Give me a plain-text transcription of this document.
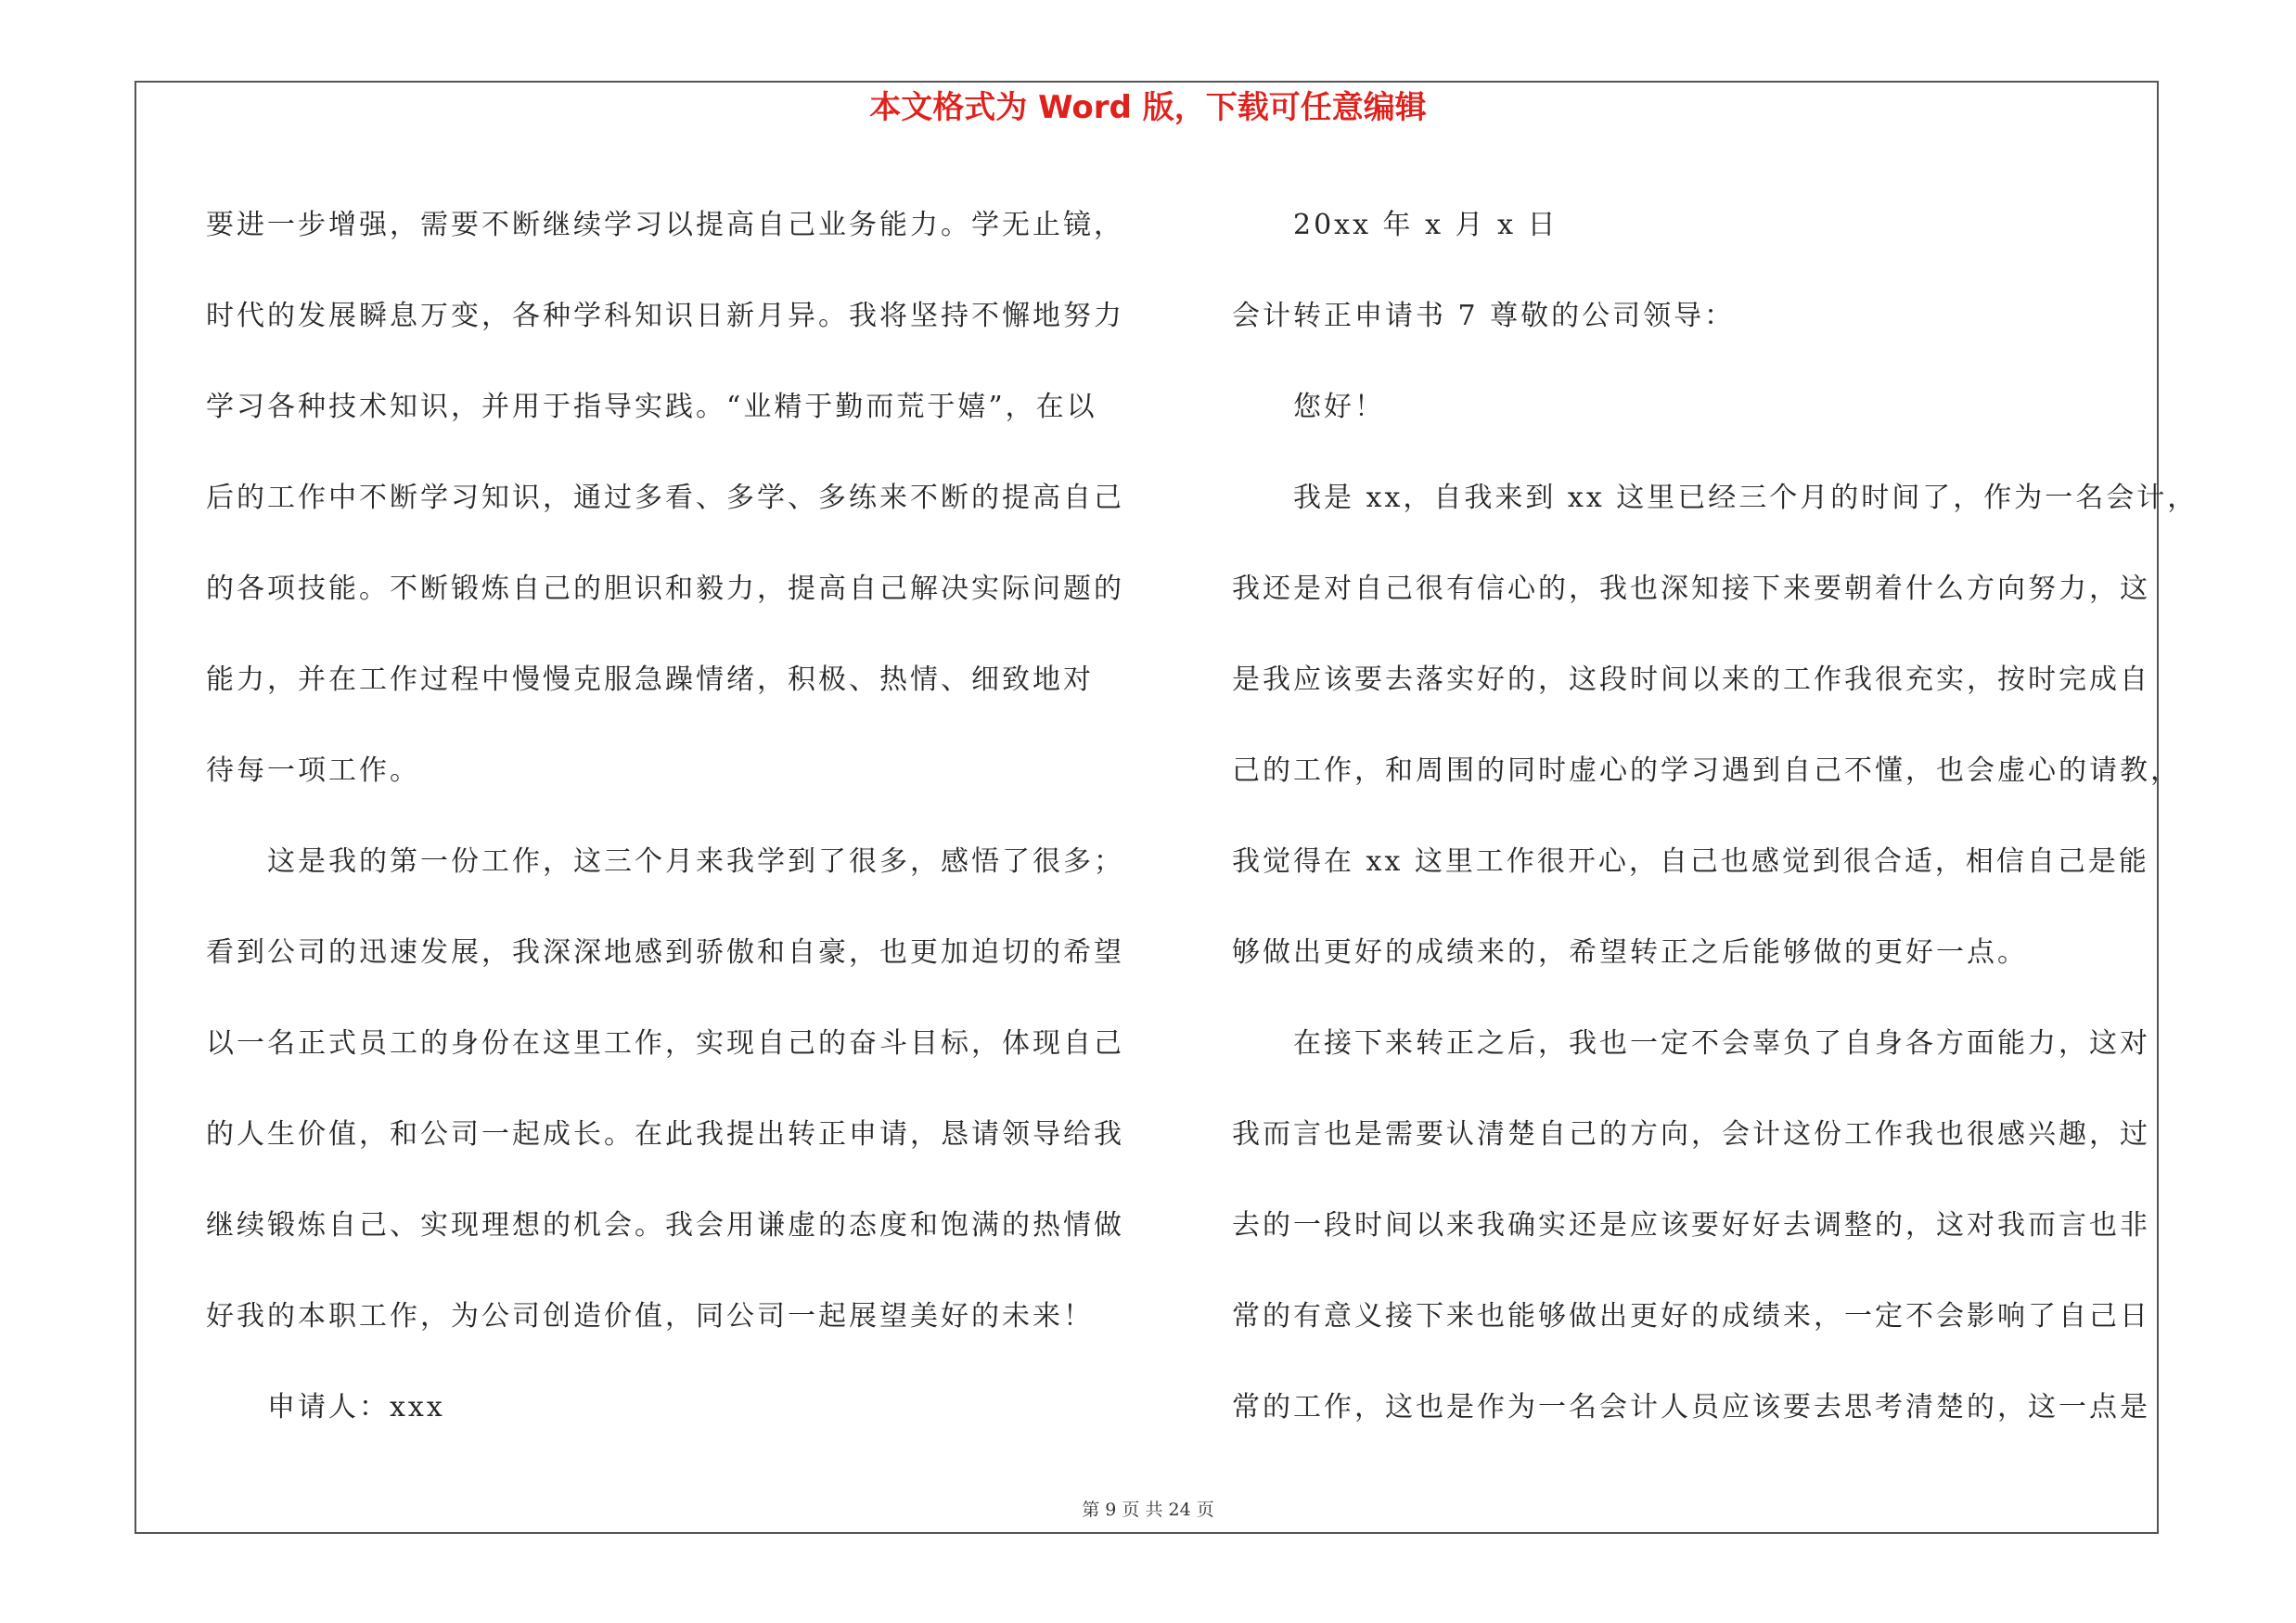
本文格式为 Word 版，下载可任意编辑
要进一步增强，需要不断继续学习以提高自己业务能力。学无止镜，
时代的发展瞬息万变，各种学科知识日新月异。我将坚持不懈地努力
学习各种技术知识，并用于指导实践。“业精于勤而荒于嬉”，在以
后的工作中不断学习知识，通过多看、多学、多练来不断的提高自己
的各项技能。不断锻炼自己的胆识和毅力，提高自己解决实际问题的
能力，并在工作过程中慢慢克服急躁情绪，积极、热情、细致地对
待每一项工作。
这是我的第一份工作，这三个月来我学到了很多，感悟了很多；
看到公司的迅速发展，我深深地感到骄傲和自豪，也更加迫切的希望
以一名正式员工的身份在这里工作，实现自己的奋斗目标，体现自己
的人生价值，和公司一起成长。在此我提出转正申请，恳请领导给我
继续锻炼自己、实现理想的机会。我会用谦虚的态度和饱满的热情做
好我的本职工作，为公司创造价值，同公司一起展望美好的未来！
申请人：xxx
20xx 年 x 月 x 日
会计转正申请书 7 尊敬的公司领导：
您好！
我是 xx，自我来到 xx 这里已经三个月的时间了，作为一名会计，
我还是对自己很有信心的，我也深知接下来要朝着什么方向努力，这
是我应该要去落实好的，这段时间以来的工作我很充实，按时完成自
己的工作，和周围的同时虚心的学习遇到自己不懂，也会虚心的请教，
我觉得在 xx 这里工作很开心，自己也感觉到很合适，相信自己是能
够做出更好的成绩来的，希望转正之后能够做的更好一点。
在接下来转正之后，我也一定不会辜负了自身各方面能力，这对
我而言也是需要认清楚自己的方向，会计这份工作我也很感兴趣，过
去的一段时间以来我确实还是应该要好好去调整的，这对我而言也非
常的有意义接下来也能够做出更好的成绩来，一定不会影响了自己日
常的工作，这也是作为一名会计人员应该要去思考清楚的，这一点是
第 9 页 共 24 页
